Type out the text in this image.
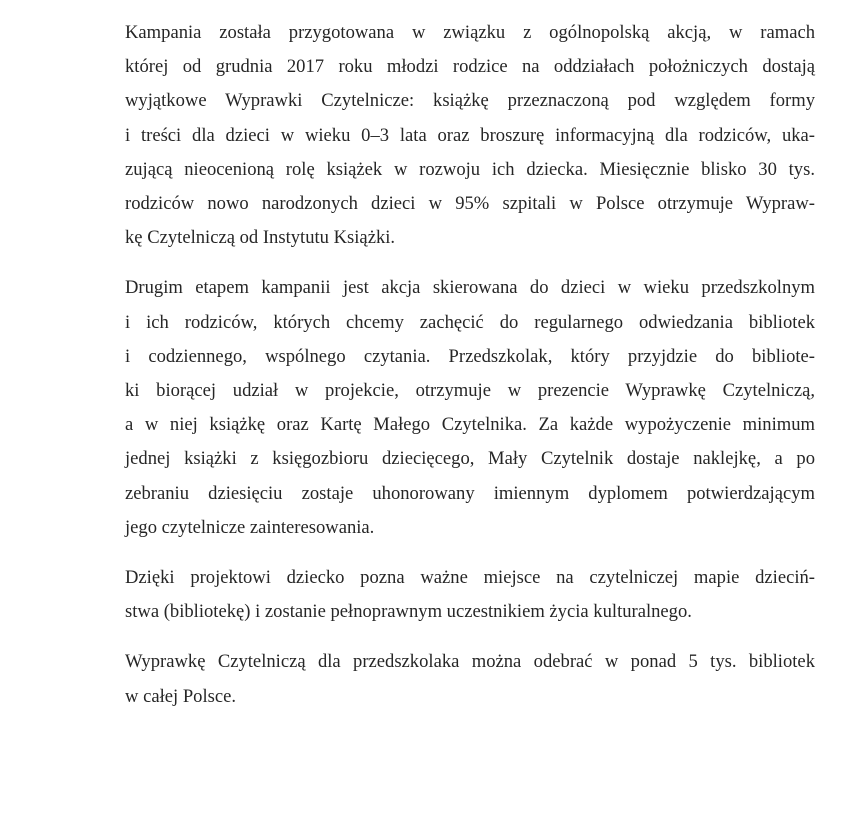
Kampania została przygotowana w związku z ogólnopolską akcją, w ramach
której od grudnia 2017 roku młodzi rodzice na oddziałach położniczych dostają
wyjątkowe Wyprawki Czytelnicze: książkę przeznaczoną pod względem formy
i treści dla dzieci w wieku 0–3 lata oraz broszurę informacyjną dla rodziców, uka-
zującą nieocenioną rolę książek w rozwoju ich dziecka. Miesięcznie blisko 30 tys.
rodziców nowo narodzonych dzieci w 95% szpitali w Polsce otrzymuje Wypraw-
kę Czytelniczą od Instytutu Książki.

Drugim etapem kampanii jest akcja skierowana do dzieci w wieku przedszkolnym
i ich rodziców, których chcemy zachęcić do regularnego odwiedzania bibliotek
i codziennego, wspólnego czytania. Przedszkolak, który przyjdzie do bibliote-
ki biorącej udział w projekcie, otrzymuje w prezencie Wyprawkę Czytelniczą,
a w niej książkę oraz Kartę Małego Czytelnika. Za każde wypożyczenie minimum
jednej książki z księgozbioru dziecięcego, Mały Czytelnik dostaje naklejkę, a po
zebraniu dziesięciu zostaje uhonorowany imiennym dyplomem potwierdzającym
jego czytelnicze zainteresowania.

Dzięki projektowi dziecko pozna ważne miejsce na czytelniczej mapie dzieciń-
stwa (bibliotekę) i zostanie pełnoprawnym uczestnikiem życia kulturalnego.

Wyprawkę Czytelniczą dla przedszkolaka można odebrać w ponad 5 tys. bibliotek
w całej Polsce.
